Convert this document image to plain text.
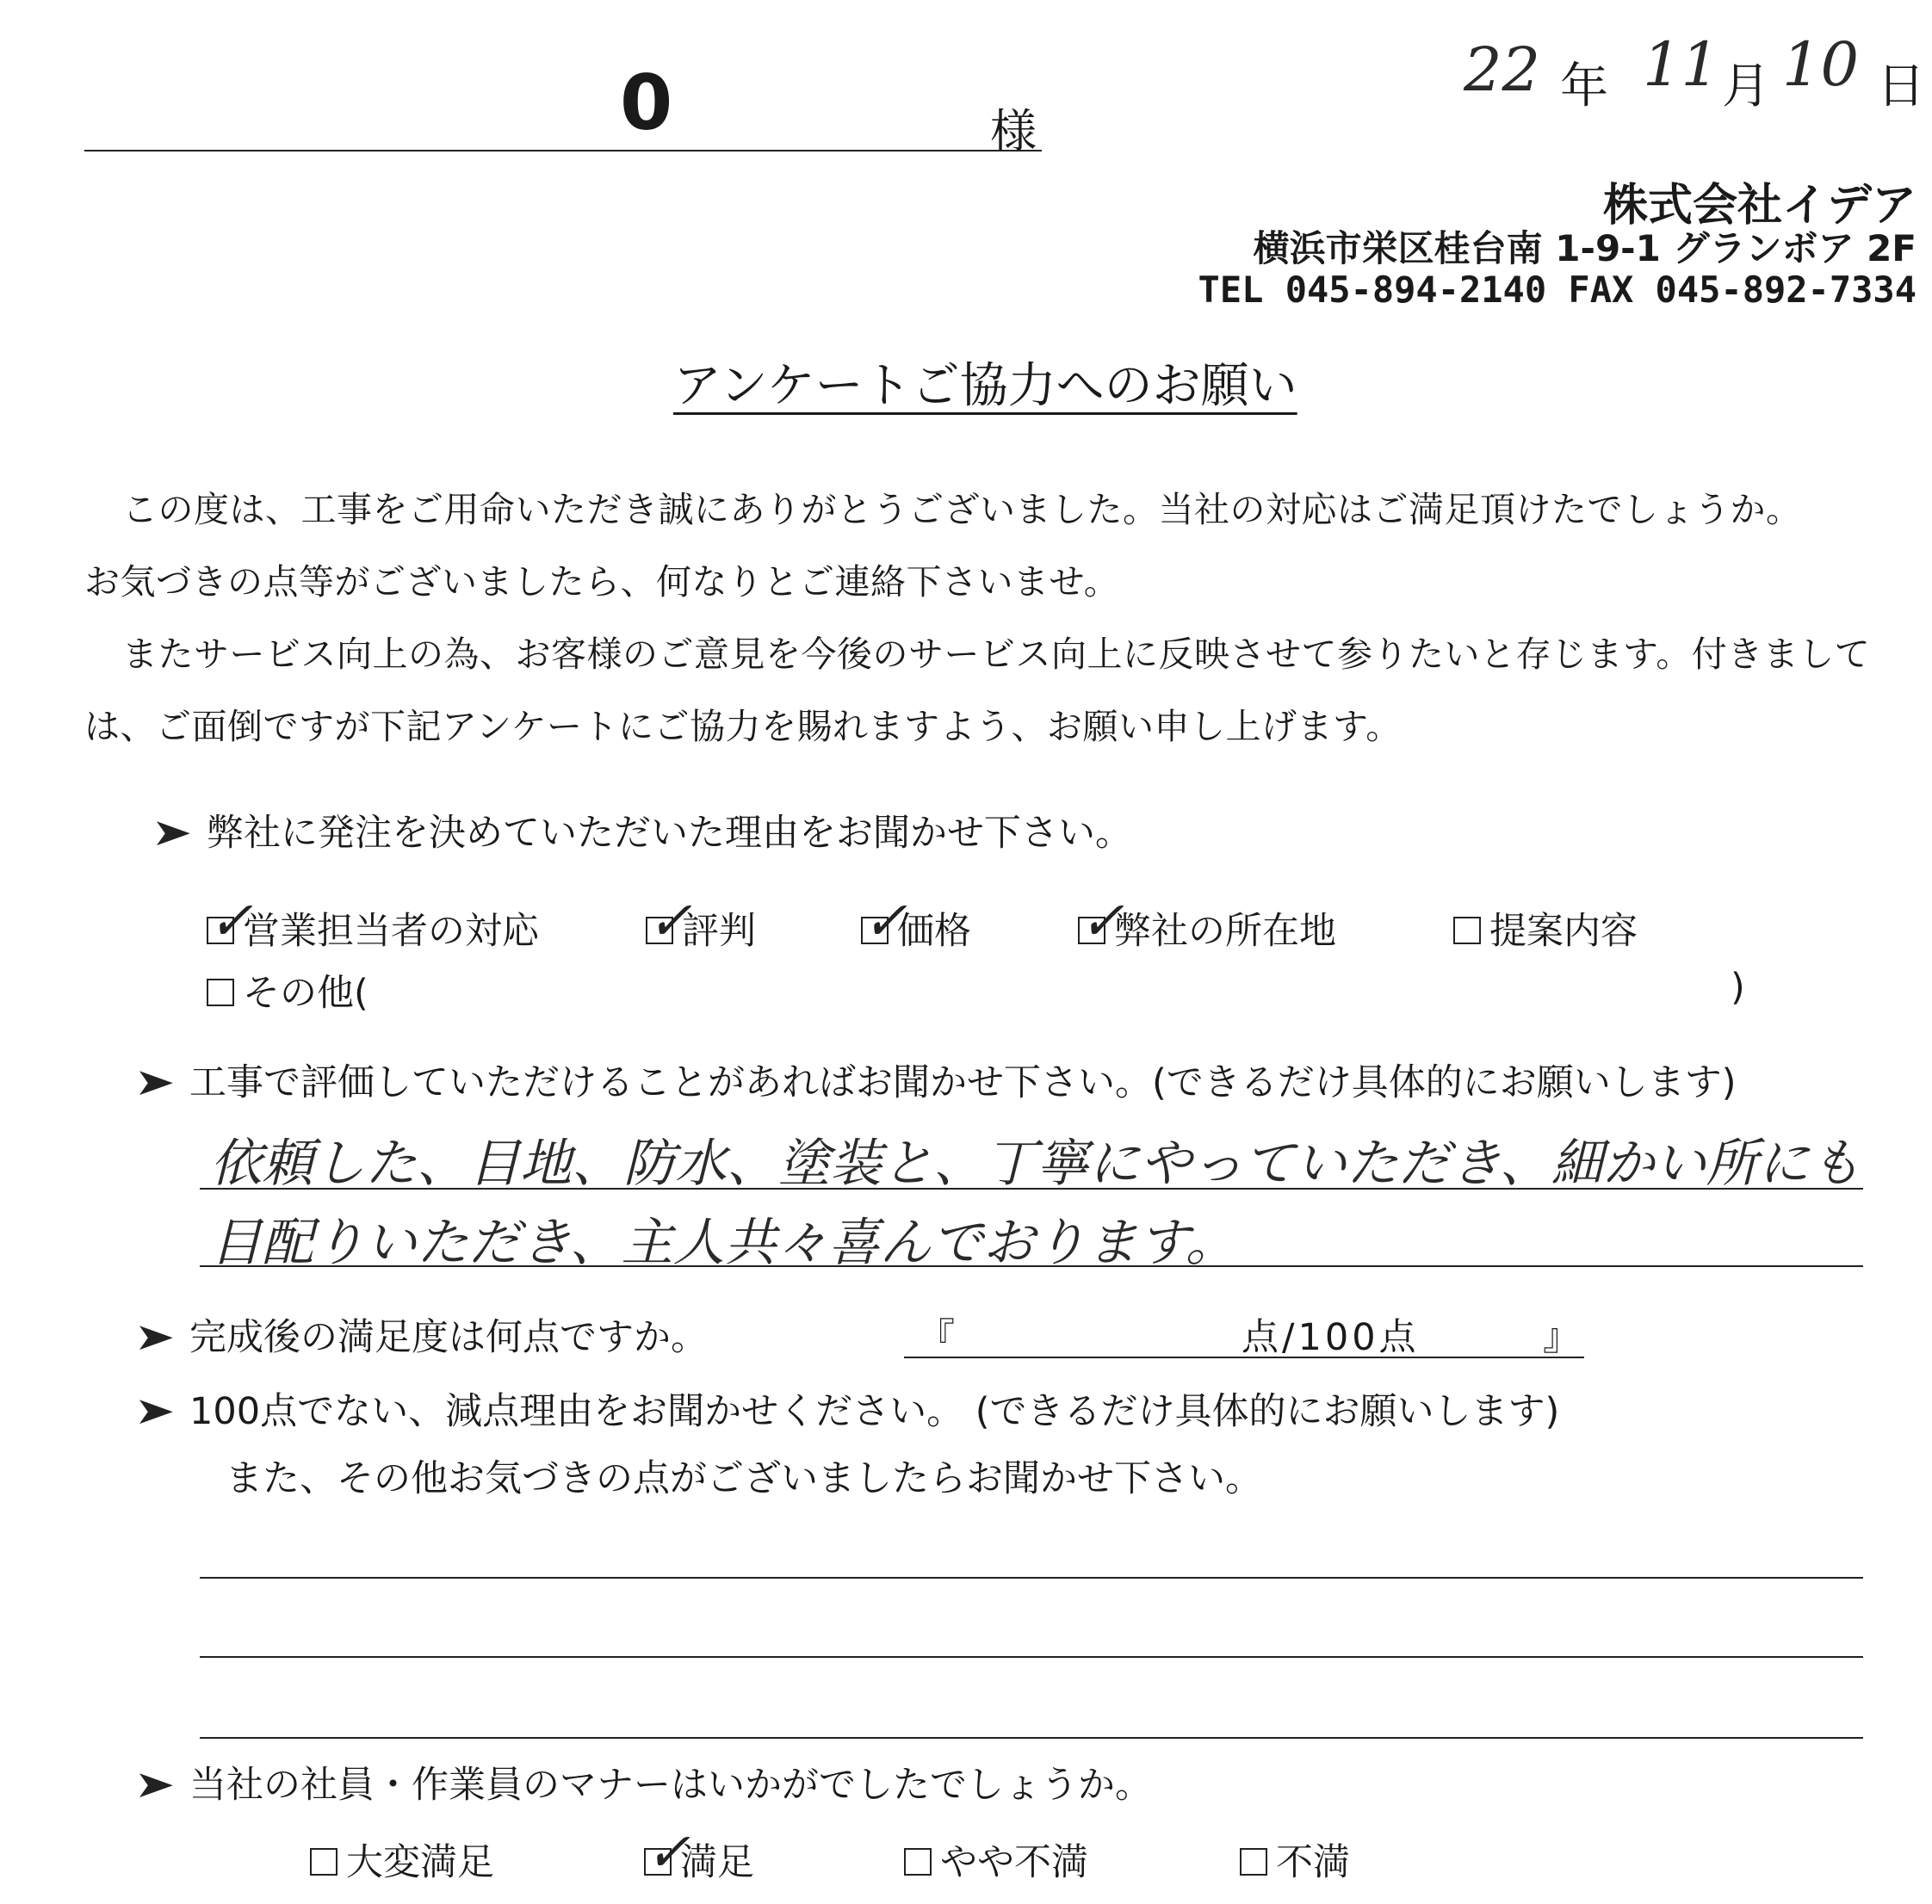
0	様
22 年 11 月 10 日
株式会社イデア
横浜市栄区桂台南 1-9-1 グランボア 2F
TEL 045-894-2140 FAX 045-892-7334
アンケートご協力へのお願い

この度は、工事をご用命いただき誠にありがとうございました。当社の対応はご満足頂けたでしょうか。

お気づきの点等がございましたら、何なりとご連絡下さいませ。

またサービス向上の為、お客様のご意見を今後のサービス向上に反映させて参りたいと存じます。付きましては、ご面倒ですが下記アンケートにご協力を賜れますよう、お願い申し上げます。

➤ 弊社に発注を決めていただいた理由をお聞かせ下さい。
✓
営業担当者の対応 ✓
評判 ✓
価格 ✓
弊社の所在地	提案内容
その他(	)
➤ 工事で評価していただけることがあればお聞かせ下さい。(できるだけ具体的にお願いします)
依頼した、目地、防水、塗装と、丁寧にやっていただき、細かい所にも
目配りいただき、主人共々喜んでおります。
➤ 完成後の満足度は何点ですか。	『	点/100点	』
➤ 100点でない、減点理由をお聞かせください。 (できるだけ具体的にお願いします)
また、その他お気づきの点がございましたらお聞かせ下さい。
➤ 当社の社員・作業員のマナーはいかがでしたでしょうか。
大変満足	✓
満足	やや不満	不満
